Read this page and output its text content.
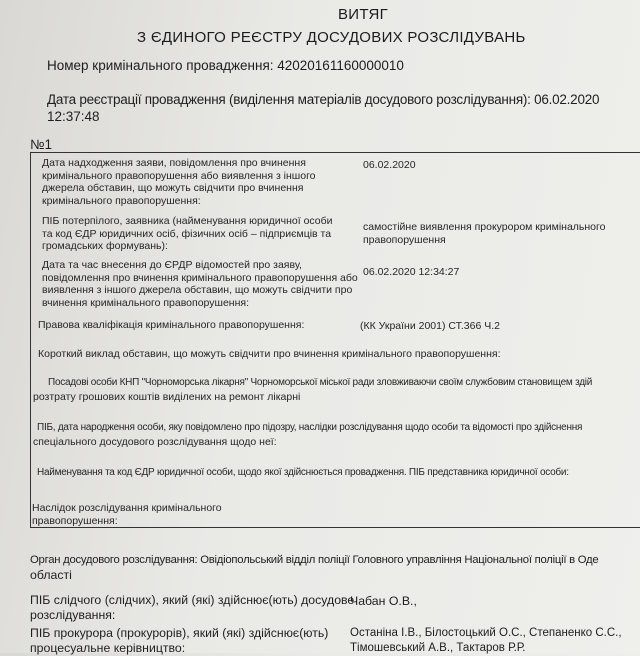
ВИТЯГ
З ЄДИНОГО РЕЄСТРУ ДОСУДОВИХ РОЗСЛІДУВАНЬ
Номер кримінального провадження: 42020161160000010
Дата реєстрації провадження (виділення матеріалів досудового розслідування): 06.02.2020
12:37:48
№1
Дата надходження заяви, повідомлення про вчинення
кримінального правопорушення або виявлення з іншого
джерела обставин, що можуть свідчити про вчинення
кримінального правопорушення:
06.02.2020
ПІБ потерпілого, заявника (найменування юридичної особи
та код ЄДР юридичних осіб, фізичних осіб – підприємців та
громадських формувань):
самостійне виявлення прокурором кримінального
правопорушення
Дата та час внесення до ЄРДР відомостей про заяву,
повідомлення про вчинення кримінального правопорушення або
виявлення з іншого джерела обставин, що можуть свідчити про
вчинення кримінального правопорушення:
06.02.2020 12:34:27
Правова кваліфікація кримінального правопорушення:	(КК України 2001) СТ.366 Ч.2
Короткий виклад обставин, що можуть свідчити про вчинення кримінального правопорушення:
Посадові особи КНП "Чорноморська лікарня" Чорноморської міської ради зловживаючи своїм службовим становищем здій
розтрату грошових коштів виділених на ремонт лікарні
ПІБ, дата народження особи, яку повідомлено про підозру, наслідки розслідування щодо особи та відомості про здійснення
спеціального досудового розслідування щодо неї:
Найменування та код ЄДР юридичної особи, щодо якої здійснюється провадження. ПІБ представника юридичної особи:
Наслідок розслідування кримінального
правопорушення:
Орган досудового розслідування: Овідіопольський відділ поліції Головного управління Національної поліції в Оде
області
ПІБ слідчого (слідчих), який (які) здійснює(ють) досудове
розслідування:
Чабан О.В.,
ПІБ прокурора (прокурорів), який (які) здійснює(ють)
процесуальне керівництво:
Останіна І.В., Білостоцький О.С., Степаненко С.С.,
Тімошевський А.В., Тактаров Р.Р.
